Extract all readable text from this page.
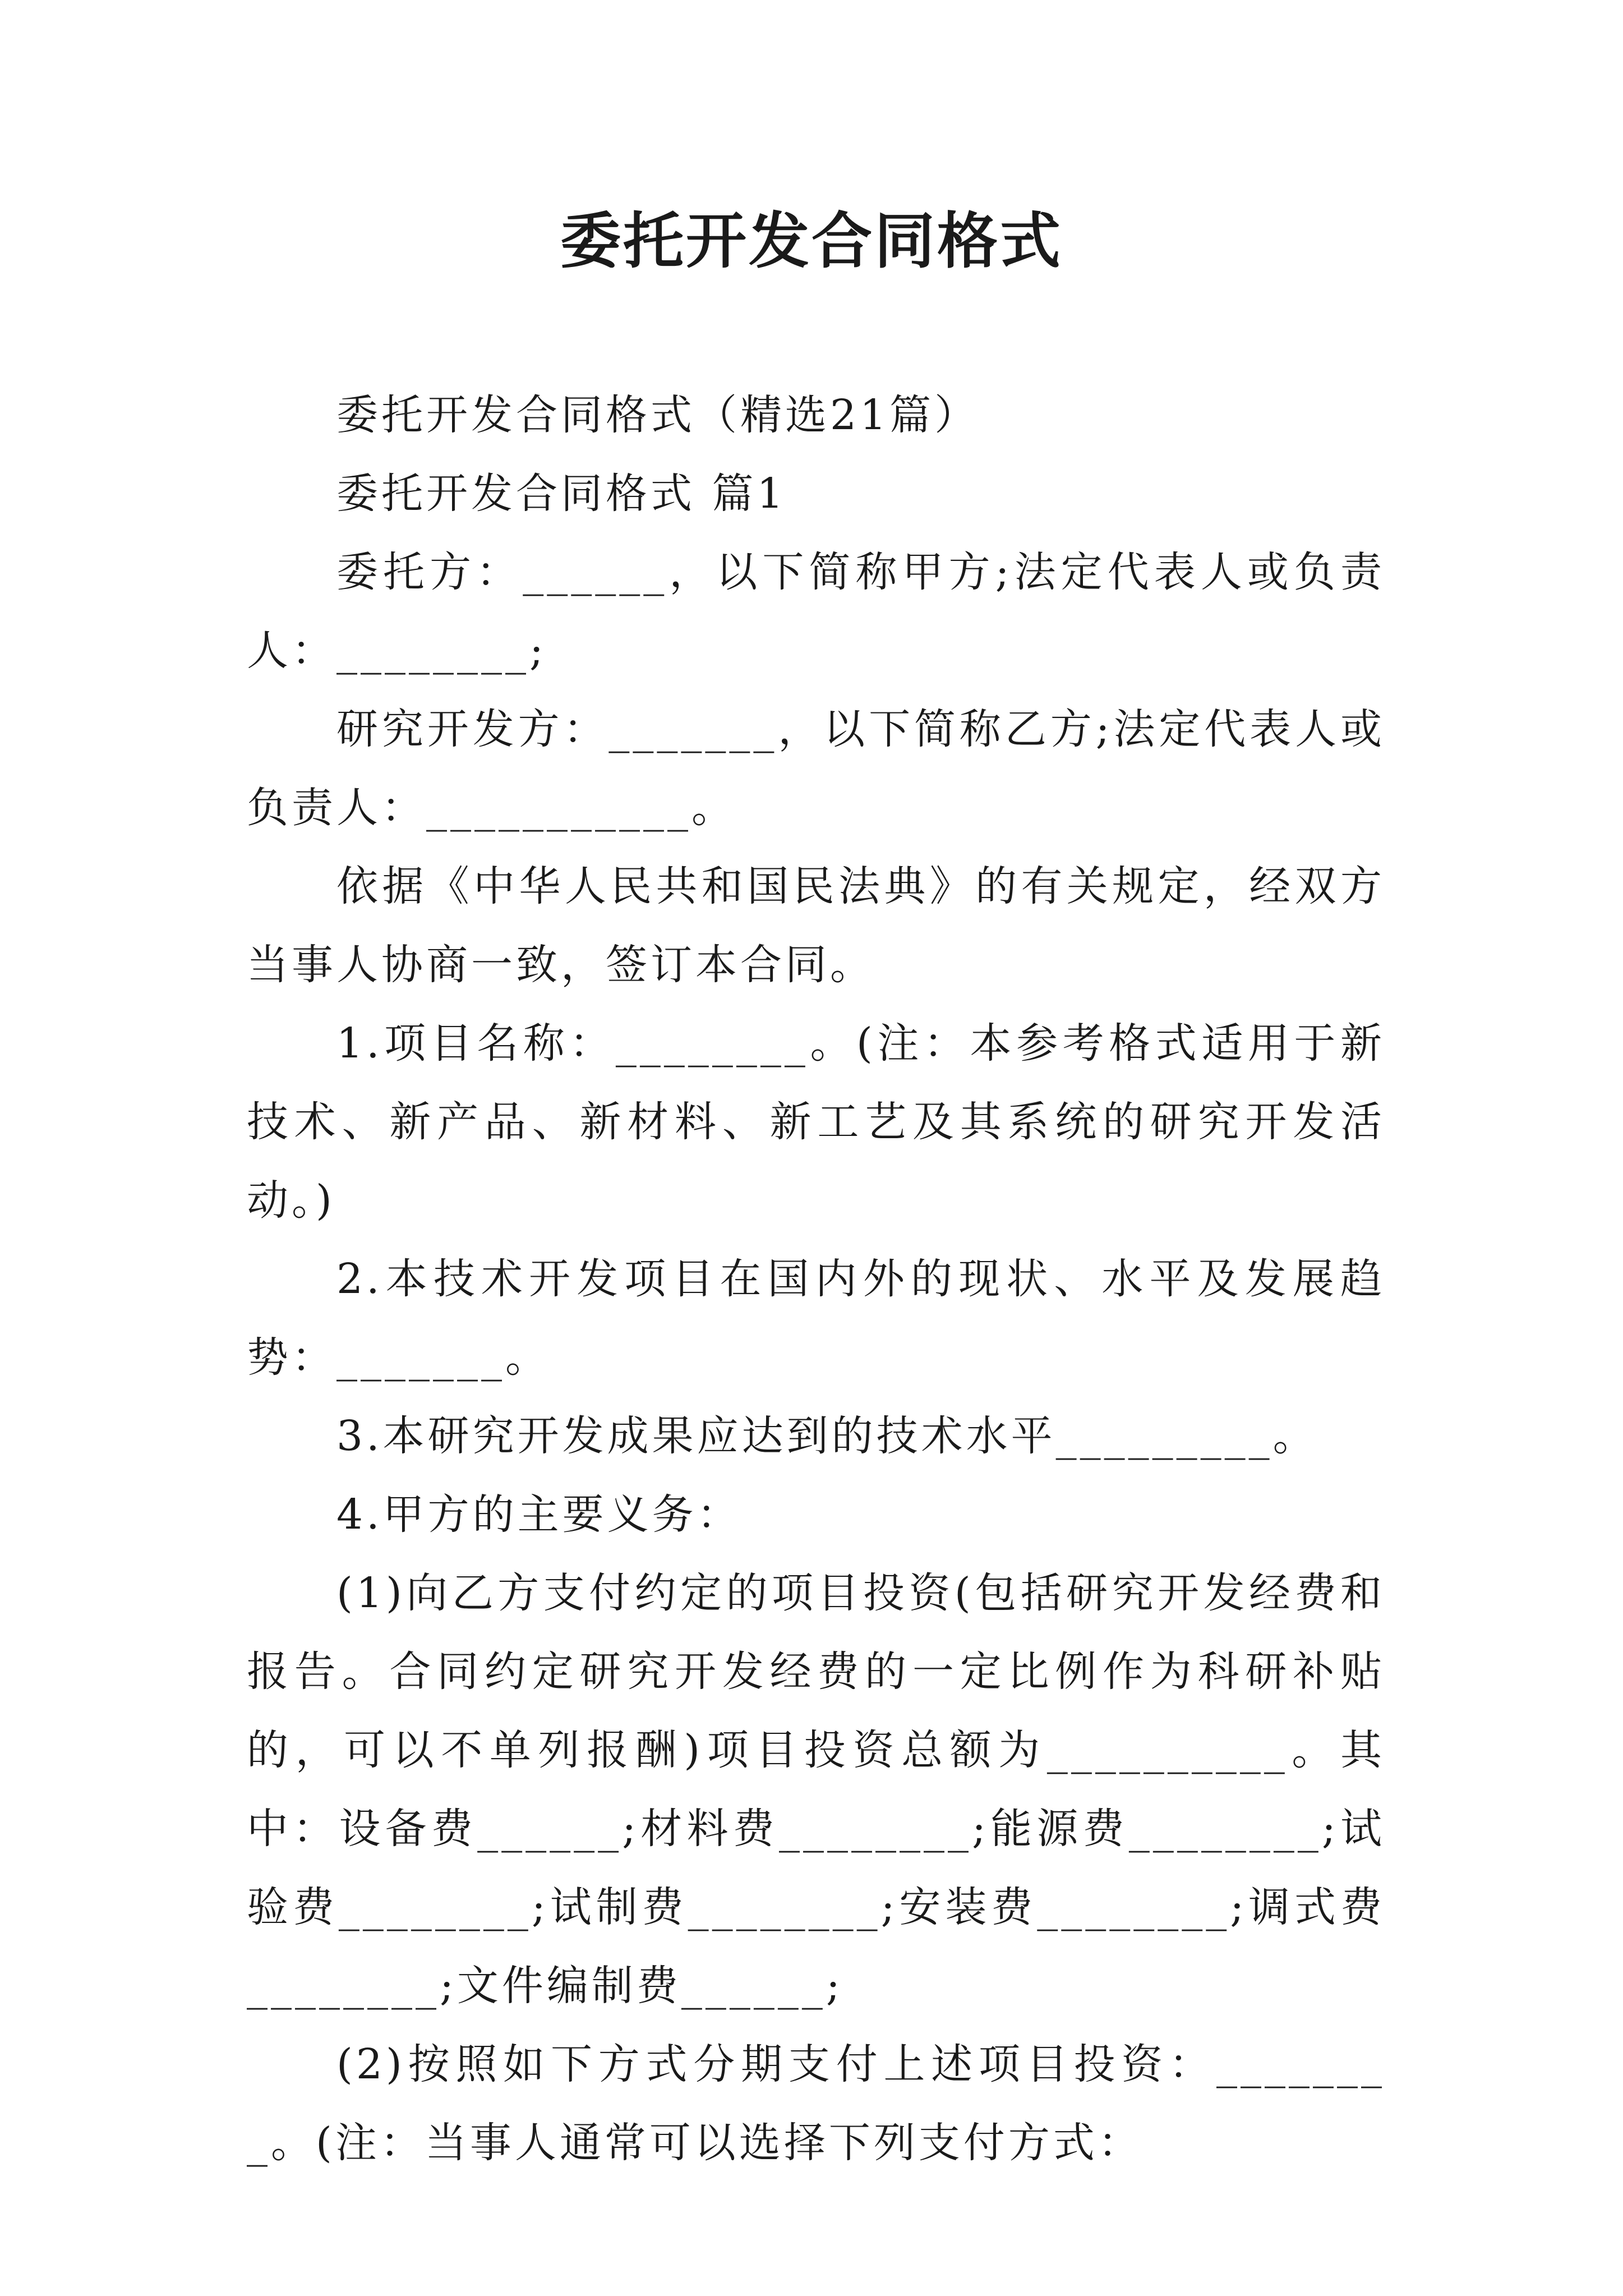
委托开发合同格式

委托开发合同格式（精选21篇）

委托开发合同格式 篇1

委托方：______，以下简称甲方;法定代表人或负责人：________;

研究开发方：_______，以下简称乙方;法定代表人或负责人：___________。

依据《中华人民共和国民法典》的有关规定，经双方当事人协商一致，签订本合同。

1.项目名称：________。(注：本参考格式适用于新技术、新产品、新材料、新工艺及其系统的研究开发活动。)

2.本技术开发项目在国内外的现状、水平及发展趋势：_______。

3.本研究开发成果应达到的技术水平_________。

4.甲方的主要义务：

(1)向乙方支付约定的项目投资(包括研究开发经费和报告。合同约定研究开发经费的一定比例作为科研补贴的，可以不单列报酬)项目投资总额为__________。其中：设备费______;材料费________;能源费________;试验费________;试制费________;安装费________;调式费________;文件编制费______;

(2)按照如下方式分期支付上述项目投资：________。(注：当事人通常可以选择下列支付方式：
